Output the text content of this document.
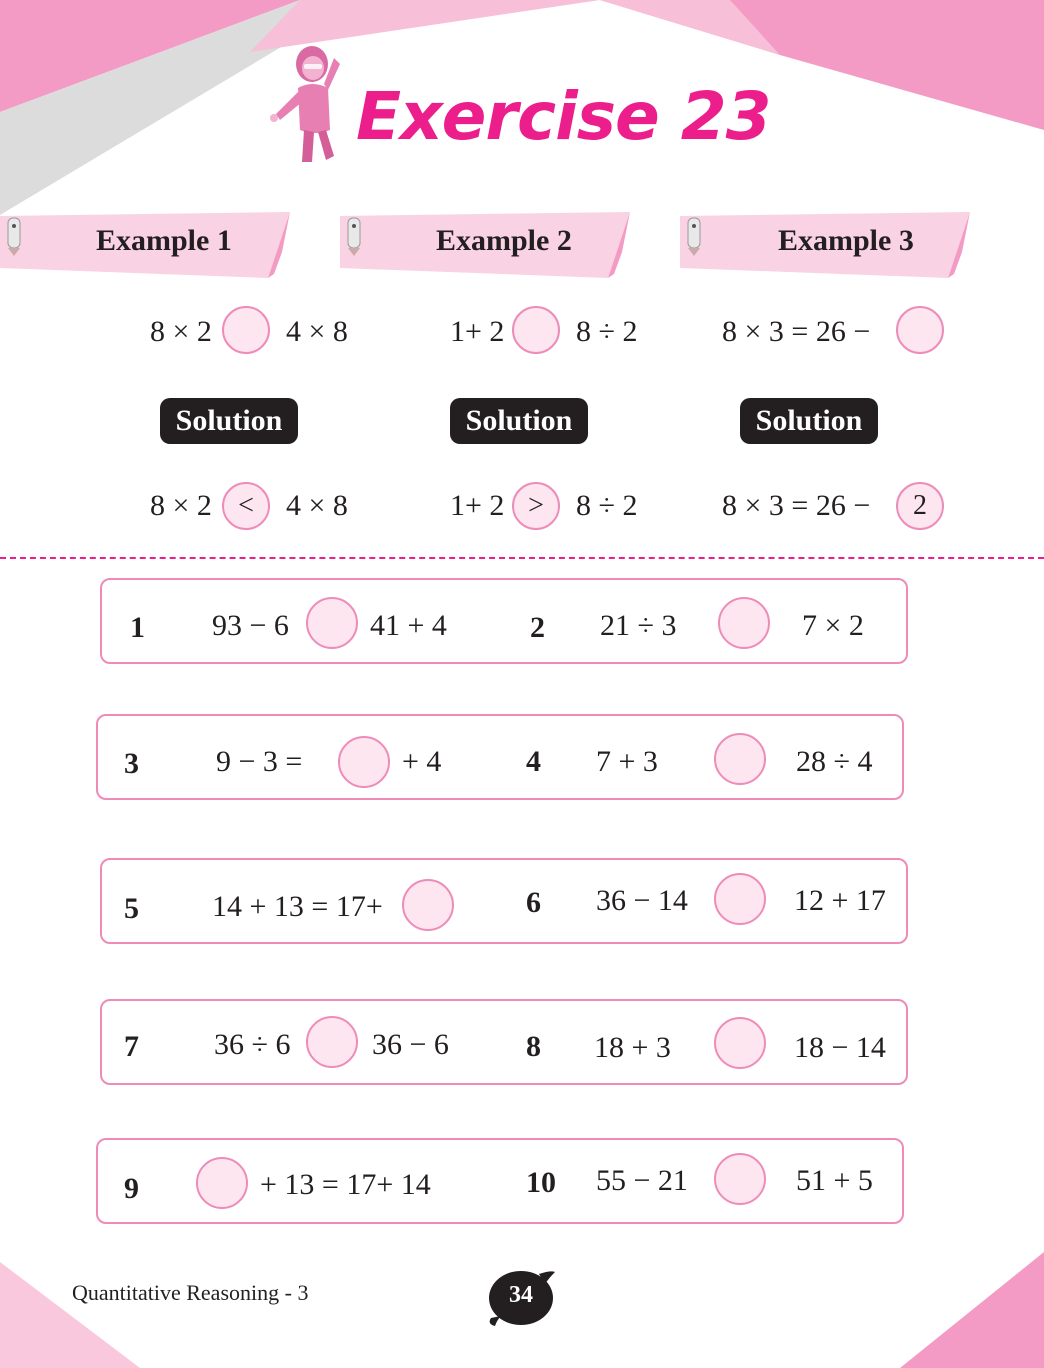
Exercise 23
Example 1	Example 2	Example 3
8 × 2 4 × 8	1+ 2 8 ÷ 2	8 × 3 = 26 −
Solution	Solution	Solution
8 × 2 <	4 × 8	1+ 2 >	8 ÷ 2	8 × 3 = 26 −	2
1 93 − 6	41 + 4	2 21 ÷ 3	7 × 2
3	9 − 3 =	+ 4	4 7 + 3	28 ÷ 4
5 14 + 13 = 17+	6 36 − 14	12 + 17
7	36 ÷ 6	36 − 6	8 18 + 3	18 − 14
9	+ 13 = 17+ 14	10 55 − 21	51 + 5
Quantitative Reasoning - 3	34
